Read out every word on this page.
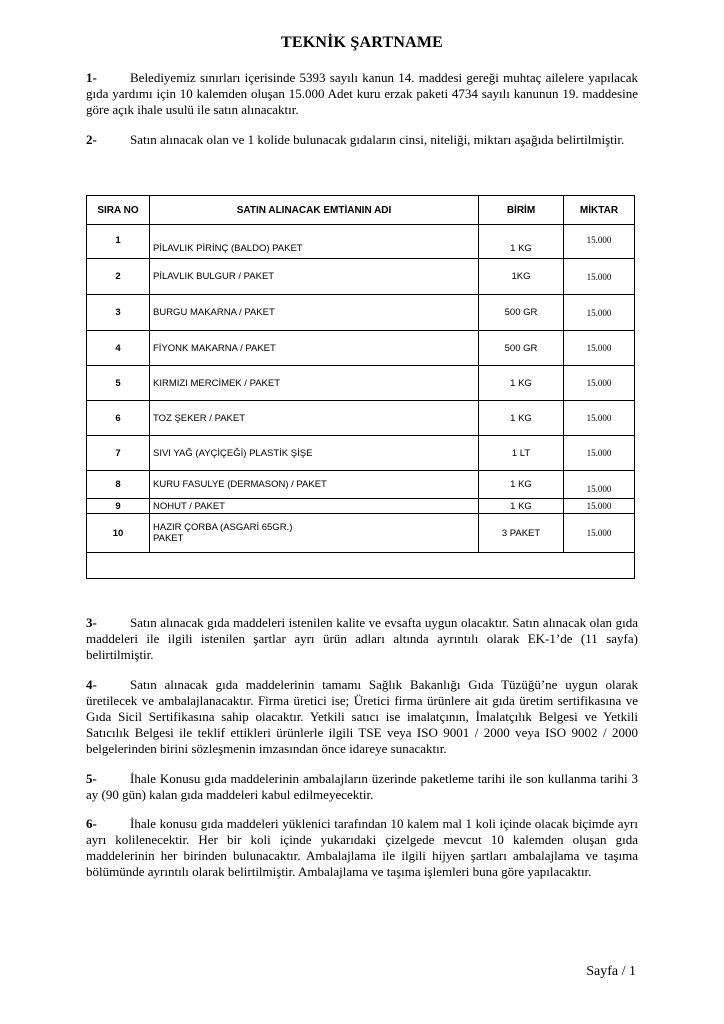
TEKNİK ŞARTNAME
1-	Belediyemiz sınırları içerisinde 5393 sayılı kanun 14. maddesi gereği muhtaç ailelere yapılacak gıda yardımı için 10 kalemden oluşan 15.000 Adet kuru erzak paketi 4734 sayılı kanunun 19. maddesine göre açık ihale usulü ile satın alınacaktır.
2-	Satın alınacak olan ve 1 kolide bulunacak gıdaların cinsi, niteliği, miktarı aşağıda belirtilmiştir.
SIRA NO	SATIN ALINACAK EMTİANIN ADI	BİRİM	MİKTAR
1	PİLAVLIK PİRİNÇ (BALDO) PAKET	1 KG	15.000
2	PİLAVLIK BULGUR / PAKET	1KG	15.000
3	BURGU MAKARNA / PAKET	500 GR	15.000
4	FİYONK MAKARNA / PAKET	500 GR	15.000
5	KIRMIZI MERCİMEK / PAKET	1 KG	15.000
6	TOZ ŞEKER / PAKET	1 KG	15.000
7	SIVI YAĞ (AYÇİÇEĞİ) PLASTİK ŞİŞE	1 LT	15.000
8	KURU FASULYE (DERMASON) / PAKET	1 KG	15.000
9	NOHUT / PAKET	1 KG	15.000
10	HAZIR ÇORBA (ASGARİ 65GR.)
PAKET	3 PAKET	15.000

3-	Satın alınacak gıda maddeleri istenilen kalite ve evsafta uygun olacaktır. Satın alınacak olan gıda maddeleri ile ilgili istenilen şartlar ayrı ürün adları altında ayrıntılı olarak EK-1’de (11 sayfa) belirtilmiştir.
4-	Satın alınacak gıda maddelerinin tamamı Sağlık Bakanlığı Gıda Tüzüğü’ne uygun olarak
üretilecek ve ambalajlanacaktır. Firma üretici ise; Üretici firma ürünlere ait gıda üretim sertifikasına ve Gıda Sicil Sertifikasına sahip olacaktır. Yetkili satıcı ise imalatçının, İmalatçılık Belgesi ve Yetkili Satıcılık Belgesi ile teklif ettikleri ürünlerle ilgili TSE veya ISO 9001 / 2000 veya ISO 9002 / 2000 belgelerinden birini sözleşmenin imzasından önce idareye sunacaktır.
5-	İhale Konusu gıda maddelerinin ambalajların üzerinde paketleme tarihi ile son kullanma tarihi 3 ay (90 gün) kalan gıda maddeleri kabul edilmeyecektir.
6-	İhale konusu gıda maddeleri yüklenici tarafından 10 kalem mal 1 koli içinde olacak biçimde ayrı ayrı kolilenecektir. Her bir koli içinde yukarıdaki çizelgede mevcut 10 kalemden oluşan gıda maddelerinin her birinden bulunacaktır. Ambalajlama ile ilgili hijyen şartları ambalajlama ve taşıma bölümünde ayrıntılı olarak belirtilmiştir. Ambalajlama ve taşıma işlemleri buna göre yapılacaktır.
Sayfa / 1
